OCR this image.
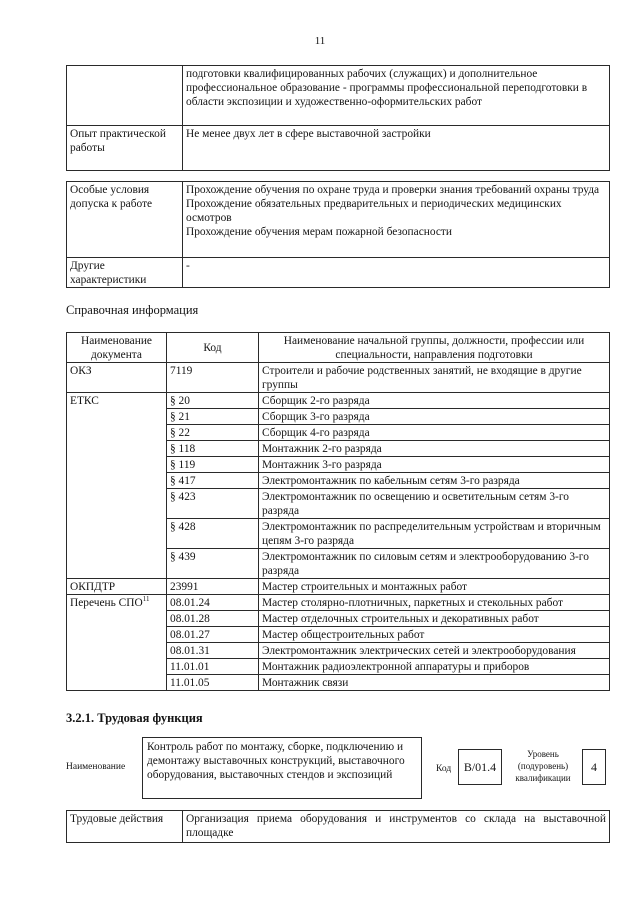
11
	подготовки квалифицированных рабочих (служащих) и дополнительное профессиональное образование - программы профессиональной переподготовки в области экспозиции и художественно-оформительских работ
Опыт практической работы	Не менее двух лет в сфере выставочной застройки
Особые условия допуска к работе	Прохождение обучения по охране труда и проверки знания требований охраны труда
Прохождение обязательных предварительных и периодических медицинских осмотров
Прохождение обучения мерам пожарной безопасности

Другие характеристики	-
Справочная информация
Наименование документа	Код	Наименование начальной группы, должности, профессии или специальности, направления подготовки
ОКЗ	7119	Строители и рабочие родственных занятий, не входящие в другие группы
ЕТКС	§ 20	Сборщик 2-го разряда
	§ 21	Сборщик 3-го разряда
	§ 22	Сборщик 4-го разряда
	§ 118	Монтажник 2-го разряда
	§ 119	Монтажник 3-го разряда
	§ 417	Электромонтажник по кабельным сетям 3-го разряда
	§ 423	Электромонтажник по освещению и осветительным сетям 3-го разряда
	§ 428	Электромонтажник по распределительным устройствам и вторичным цепям 3-го разряда
	§ 439	Электромонтажник по силовым сетям и электрооборудованию 3-го разряда
ОКПДТР	23991	Мастер строительных и монтажных работ
Перечень СПО$^{11}$	08.01.24	Мастер столярно-плотничных, паркетных и стекольных работ
	08.01.28	Мастер отделочных строительных и декоративных работ
	08.01.27	Мастер общестроительных работ
	08.01.31	Электромонтажник электрических сетей и электрооборудования
	11.01.01	Монтажник радиоэлектронной аппаратуры и приборов
	11.01.05	Монтажник связи
3.2.1. Трудовая функция
Наименование
Контроль работ по монтажу, сборке, подключению и демонтажу выставочных конструкций, выставочного оборудования, выставочных стендов и экспозиций	Код	B/01.4
Уровень (подуровень) квалификации
4
Трудовые действия	Организация приема оборудования и инструментов со склада на выставочной площадке
